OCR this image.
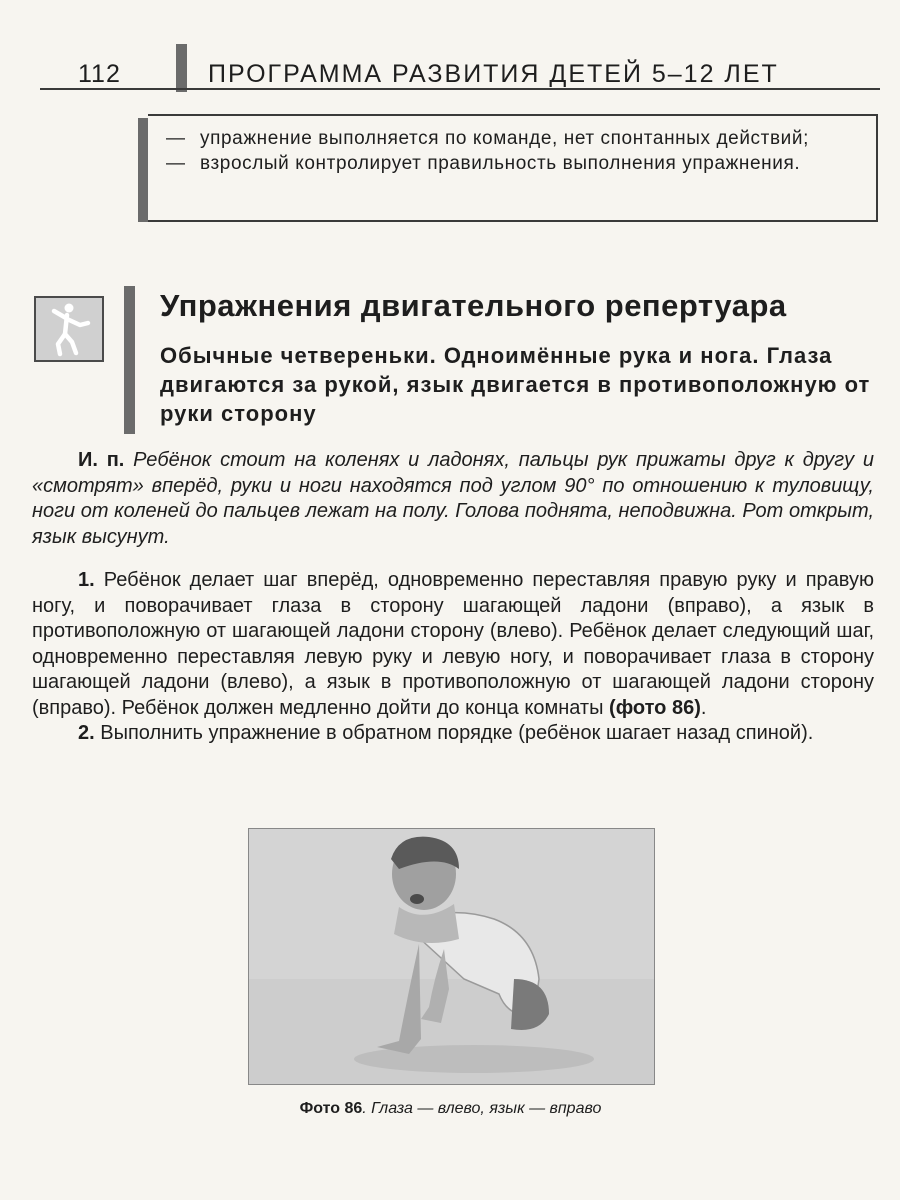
112	ПРОГРАММА РАЗВИТИЯ ДЕТЕЙ 5–12 ЛЕТ
— упражнение выполняется по команде, нет спонтанных действий;
— взрослый контролирует правильность выполнения упражнения.
Упражнения двигательного репертуара
Обычные четвереньки. Одноимённые рука и нога. Глаза двигаются за рукой, язык двигается в противоположную от руки сторону

И. п. Ребёнок стоит на коленях и ладонях, пальцы рук прижаты друг к другу и «смотрят» вперёд, руки и ноги находятся под углом 90° по отношению к туловищу, ноги от коленей до пальцев лежат на полу. Голова поднята, неподвижна. Рот открыт, язык высунут.

1. Ребёнок делает шаг вперёд, одновременно переставляя правую руку и правую ногу, и поворачивает глаза в сторону шагающей ладони (вправо), а язык в противоположную от шагающей ладони сторону (влево). Ребёнок делает следующий шаг, одновременно переставляя левую руку и левую ногу, и поворачивает глаза в сторону шагающей ладони (влево), а язык в противоположную от шагающей ладони сторону (вправо). Ребёнок должен медленно дойти до конца комнаты (фото 86).

2. Выполнить упражнение в обратном порядке (ребёнок шагает назад спиной).

Фото 86. Глаза — влево, язык — вправо
